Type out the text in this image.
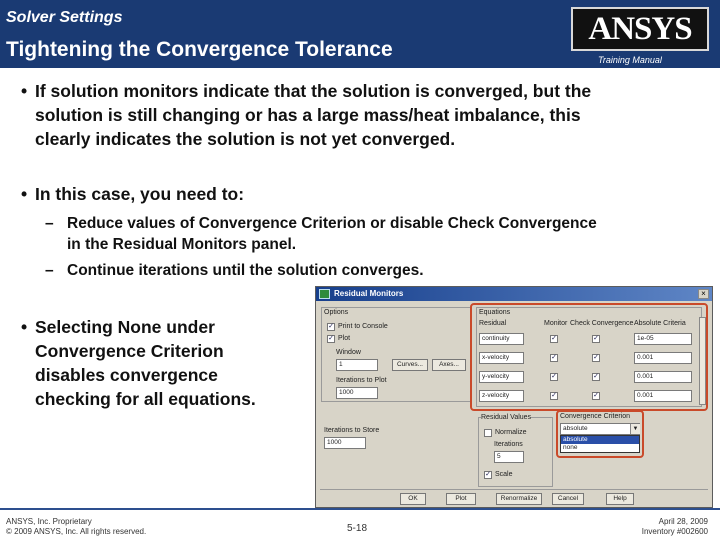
Solver Settings
Tightening the Convergence Tolerance
ANSYS
Training Manual
• If solution monitors indicate that the solution is converged, but the
solution is still changing or has a large mass/heat imbalance, this
clearly indicates the solution is not yet converged.
• In this case, you need to:
– Reduce values of Convergence Criterion or disable Check Convergence
in the Residual Monitors panel.
– Continue iterations until the solution converges.
• Selecting None under
Convergence Criterion
disables convergence
checking for all equations.
Residual Monitors	×
Options
✓ Print to Console
✓ Plot
Window
1	Curves...	Axes...
Iterations to Plot
1000
Iterations to Store
1000
Equations
Residual	Monitor Check Convergence Absolute Criteria
continuity	✓	✓	1e-05
x-velocity	✓	✓	0.001
y-velocity	✓	✓	0.001
z-velocity	✓	✓	0.001
Residual Values
Normalize
Iterations
5
✓ Scale
Convergence Criterion
absolute	▼
absolute
none
OK	Plot	Renormalize	Cancel	Help
ANSYS, Inc. Proprietary
© 2009 ANSYS, Inc. All rights reserved.	5-18
April 28, 2009
Inventory #002600
